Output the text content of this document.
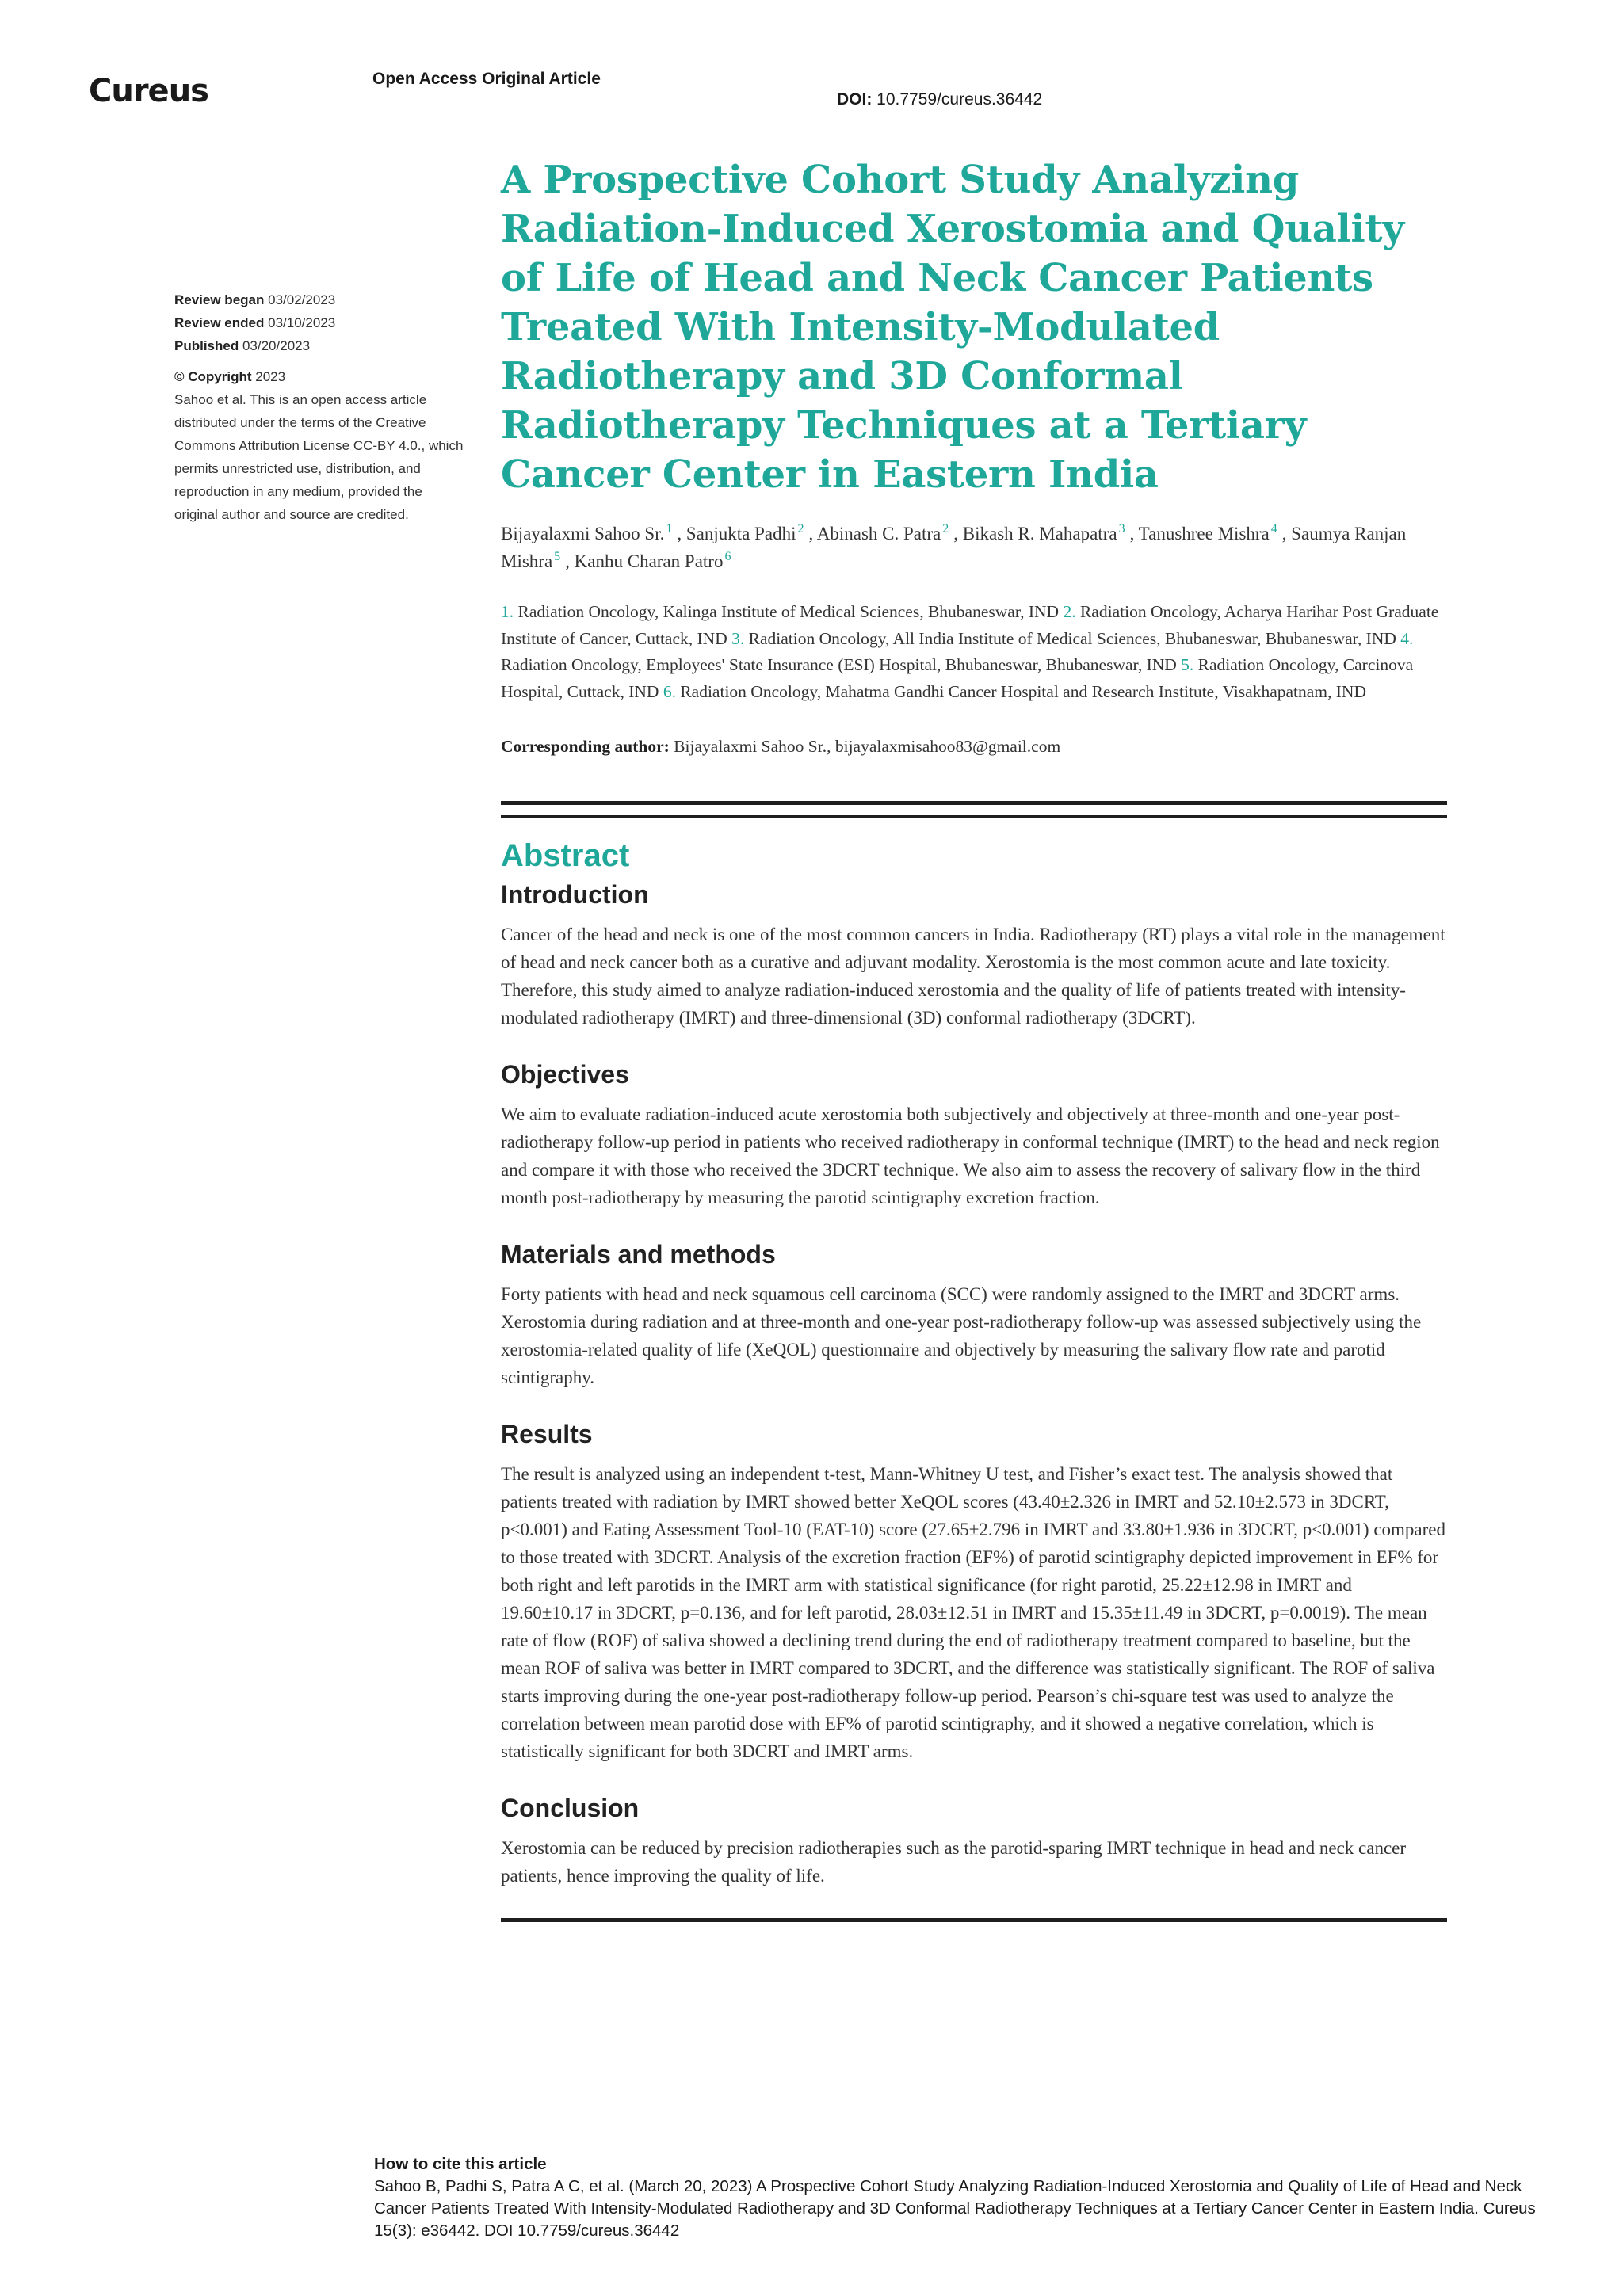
Cureus	Open Access Original Article
DOI: 10.7759/cureus.36442
Review began 03/02/2023
Review ended 03/10/2023
Published 03/20/2023
© Copyright 2023
Sahoo et al. This is an open access article distributed under the terms of the Creative Commons Attribution License CC-BY 4.0., which permits unrestricted use, distribution, and reproduction in any medium, provided the original author and source are credited.
A Prospective Cohort Study Analyzing Radiation-Induced Xerostomia and Quality of Life of Head and Neck Cancer Patients Treated With Intensity-Modulated Radiotherapy and 3D Conformal Radiotherapy Techniques at a Tertiary Cancer Center in Eastern India
Bijayalaxmi Sahoo Sr. $^1$ , Sanjukta Padhi $^2$ , Abinash C. Patra $^2$ , Bikash R. Mahapatra $^3$ , Tanushree Mishra $^4$ , Saumya Ranjan Mishra $^5$ , Kanhu Charan Patro $^6$
1. Radiation Oncology, Kalinga Institute of Medical Sciences, Bhubaneswar, IND 2. Radiation Oncology, Acharya Harihar Post Graduate Institute of Cancer, Cuttack, IND 3. Radiation Oncology, All India Institute of Medical Sciences, Bhubaneswar, Bhubaneswar, IND 4. Radiation Oncology, Employees' State Insurance (ESI) Hospital, Bhubaneswar, Bhubaneswar, IND 5. Radiation Oncology, Carcinova Hospital, Cuttack, IND 6. Radiation Oncology, Mahatma Gandhi Cancer Hospital and Research Institute, Visakhapatnam, IND
Corresponding author: Bijayalaxmi Sahoo Sr., bijayalaxmisahoo83@gmail.com
Abstract
Introduction
Cancer of the head and neck is one of the most common cancers in India. Radiotherapy (RT) plays a vital role in the management of head and neck cancer both as a curative and adjuvant modality. Xerostomia is the most common acute and late toxicity. Therefore, this study aimed to analyze radiation-induced xerostomia and the quality of life of patients treated with intensity-modulated radiotherapy (IMRT) and three-dimensional (3D) conformal radiotherapy (3DCRT).
Objectives
We aim to evaluate radiation-induced acute xerostomia both subjectively and objectively at three-month and one-year post-radiotherapy follow-up period in patients who received radiotherapy in conformal technique (IMRT) to the head and neck region and compare it with those who received the 3DCRT technique. We also aim to assess the recovery of salivary flow in the third month post-radiotherapy by measuring the parotid scintigraphy excretion fraction.
Materials and methods
Forty patients with head and neck squamous cell carcinoma (SCC) were randomly assigned to the IMRT and 3DCRT arms. Xerostomia during radiation and at three-month and one-year post-radiotherapy follow-up was assessed subjectively using the xerostomia-related quality of life (XeQOL) questionnaire and objectively by measuring the salivary flow rate and parotid scintigraphy.
Results
The result is analyzed using an independent t-test, Mann-Whitney U test, and Fisher’s exact test. The analysis showed that patients treated with radiation by IMRT showed better XeQOL scores (43.40±2.326 in IMRT and 52.10±2.573 in 3DCRT, p<0.001) and Eating Assessment Tool-10 (EAT-10) score (27.65±2.796 in IMRT and 33.80±1.936 in 3DCRT, p<0.001) compared to those treated with 3DCRT. Analysis of the excretion fraction (EF%) of parotid scintigraphy depicted improvement in EF% for both right and left parotids in the IMRT arm with statistical significance (for right parotid, 25.22±12.98 in IMRT and 19.60±10.17 in 3DCRT, p=0.136, and for left parotid, 28.03±12.51 in IMRT and 15.35±11.49 in 3DCRT, p=0.0019). The mean rate of flow (ROF) of saliva showed a declining trend during the end of radiotherapy treatment compared to baseline, but the mean ROF of saliva was better in IMRT compared to 3DCRT, and the difference was statistically significant. The ROF of saliva starts improving during the one-year post-radiotherapy follow-up period. Pearson’s chi-square test was used to analyze the correlation between mean parotid dose with EF% of parotid scintigraphy, and it showed a negative correlation, which is statistically significant for both 3DCRT and IMRT arms.
Conclusion
Xerostomia can be reduced by precision radiotherapies such as the parotid-sparing IMRT technique in head and neck cancer patients, hence improving the quality of life.
How to cite this article
Sahoo B, Padhi S, Patra A C, et al. (March 20, 2023) A Prospective Cohort Study Analyzing Radiation-Induced Xerostomia and Quality of Life of Head and Neck Cancer Patients Treated With Intensity-Modulated Radiotherapy and 3D Conformal Radiotherapy Techniques at a Tertiary Cancer Center in Eastern India. Cureus 15(3): e36442. DOI 10.7759/cureus.36442
